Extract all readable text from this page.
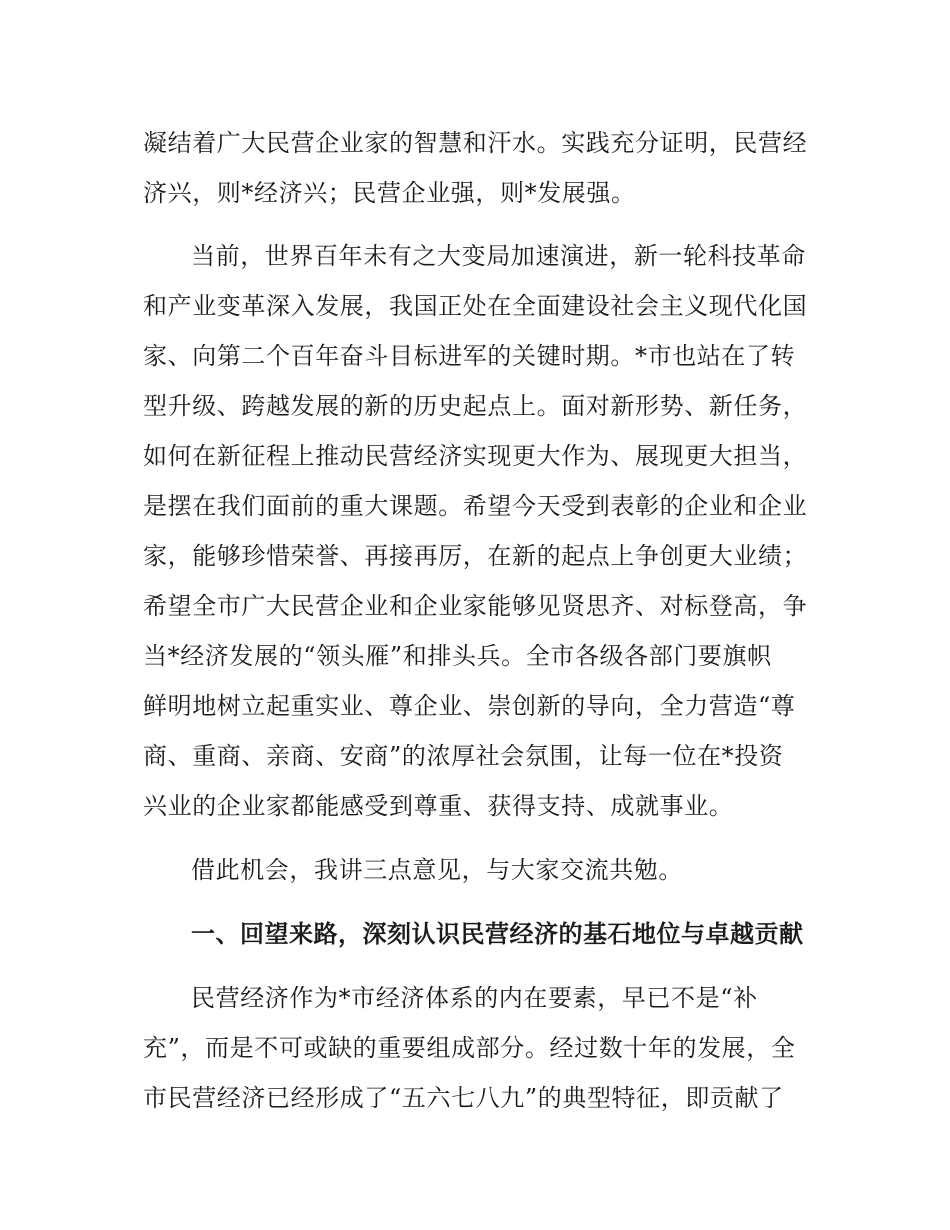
凝结着广大民营企业家的智慧和汗水。实践充分证明，民营经
济兴，则*经济兴；民营企业强，则*发展强。
当前，世界百年未有之大变局加速演进，新一轮科技革命
和产业变革深入发展，我国正处在全面建设社会主义现代化国
家、向第二个百年奋斗目标进军的关键时期。*市也站在了转
型升级、跨越发展的新的历史起点上。面对新形势、新任务，
如何在新征程上推动民营经济实现更大作为、展现更大担当，
是摆在我们面前的重大课题。希望今天受到表彰的企业和企业
家，能够珍惜荣誉、再接再厉，在新的起点上争创更大业绩；
希望全市广大民营企业和企业家能够见贤思齐、对标登高，争
当*经济发展的“领头雁”和排头兵。全市各级各部门要旗帜
鲜明地树立起重实业、尊企业、崇创新的导向，全力营造“尊
商、重商、亲商、安商”的浓厚社会氛围，让每一位在*投资
兴业的企业家都能感受到尊重、获得支持、成就事业。
借此机会，我讲三点意见，与大家交流共勉。
一、回望来路，深刻认识民营经济的基石地位与卓越贡献
民营经济作为*市经济体系的内在要素，早已不是“补
充”，而是不可或缺的重要组成部分。经过数十年的发展，全
市民营经济已经形成了“五六七八九”的典型特征，即贡献了
